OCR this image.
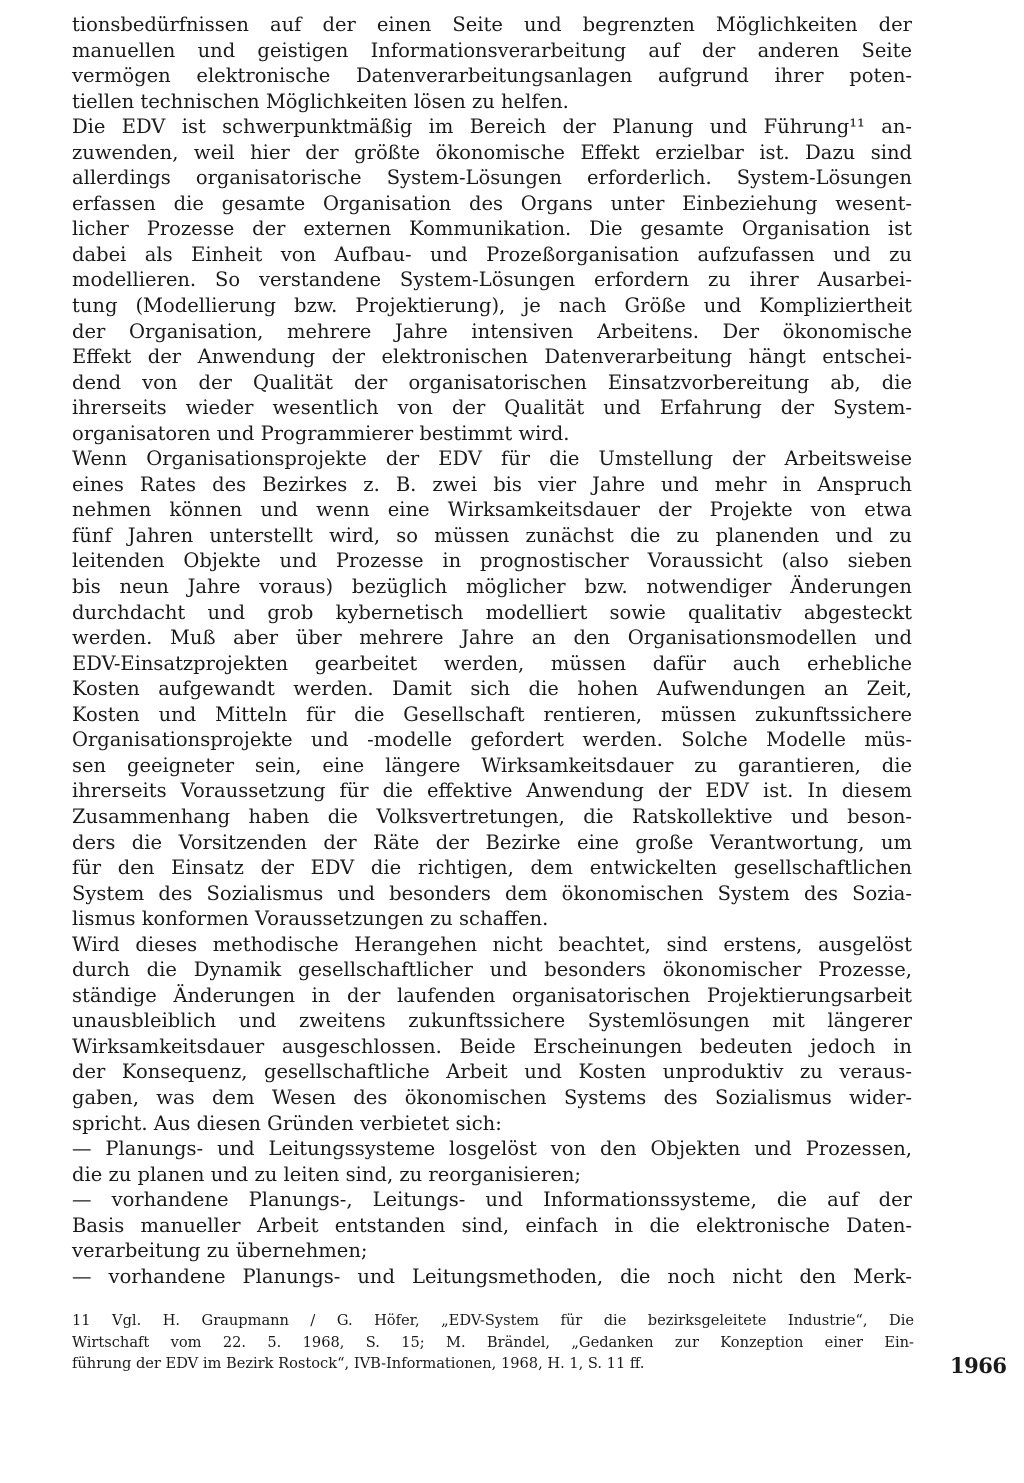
tionsbedürfnissen auf der einen Seite und begrenzten Möglichkeiten der
manuellen und geistigen Informationsverarbeitung auf der anderen Seite
vermögen elektronische Datenverarbeitungsanlagen aufgrund ihrer poten-
tiellen technischen Möglichkeiten lösen zu helfen.
Die EDV ist schwerpunktmäßig im Bereich der Planung und Führung¹¹ an-
zuwenden, weil hier der größte ökonomische Effekt erzielbar ist. Dazu sind
allerdings organisatorische System-Lösungen erforderlich. System-Lösungen
erfassen die gesamte Organisation des Organs unter Einbeziehung wesent-
licher Prozesse der externen Kommunikation. Die gesamte Organisation ist
dabei als Einheit von Aufbau- und Prozeßorganisation aufzufassen und zu
modellieren. So verstandene System-Lösungen erfordern zu ihrer Ausarbei-
tung (Modellierung bzw. Projektierung), je nach Größe und Kompliziertheit
der Organisation, mehrere Jahre intensiven Arbeitens. Der ökonomische
Effekt der Anwendung der elektronischen Datenverarbeitung hängt entschei-
dend von der Qualität der organisatorischen Einsatzvorbereitung ab, die
ihrerseits wieder wesentlich von der Qualität und Erfahrung der System-
organisatoren und Programmierer bestimmt wird.
Wenn Organisationsprojekte der EDV für die Umstellung der Arbeitsweise
eines Rates des Bezirkes z. B. zwei bis vier Jahre und mehr in Anspruch
nehmen können und wenn eine Wirksamkeitsdauer der Projekte von etwa
fünf Jahren unterstellt wird, so müssen zunächst die zu planenden und zu
leitenden Objekte und Prozesse in prognostischer Voraussicht (also sieben
bis neun Jahre voraus) bezüglich möglicher bzw. notwendiger Änderungen
durchdacht und grob kybernetisch modelliert sowie qualitativ abgesteckt
werden. Muß aber über mehrere Jahre an den Organisationsmodellen und
EDV-Einsatzprojekten gearbeitet werden, müssen dafür auch erhebliche
Kosten aufgewandt werden. Damit sich die hohen Aufwendungen an Zeit,
Kosten und Mitteln für die Gesellschaft rentieren, müssen zukunftssichere
Organisationsprojekte und -modelle gefordert werden. Solche Modelle müs-
sen geeigneter sein, eine längere Wirksamkeitsdauer zu garantieren, die
ihrerseits Voraussetzung für die effektive Anwendung der EDV ist. In diesem
Zusammenhang haben die Volksvertretungen, die Ratskollektive und beson-
ders die Vorsitzenden der Räte der Bezirke eine große Verantwortung, um
für den Einsatz der EDV die richtigen, dem entwickelten gesellschaftlichen
System des Sozialismus und besonders dem ökonomischen System des Sozia-
lismus konformen Voraussetzungen zu schaffen.
Wird dieses methodische Herangehen nicht beachtet, sind erstens, ausgelöst
durch die Dynamik gesellschaftlicher und besonders ökonomischer Prozesse,
ständige Änderungen in der laufenden organisatorischen Projektierungsarbeit
unausbleiblich und zweitens zukunftssichere Systemlösungen mit längerer
Wirksamkeitsdauer ausgeschlossen. Beide Erscheinungen bedeuten jedoch in
der Konsequenz, gesellschaftliche Arbeit und Kosten unproduktiv zu veraus-
gaben, was dem Wesen des ökonomischen Systems des Sozialismus wider-
spricht. Aus diesen Gründen verbietet sich:
— Planungs- und Leitungssysteme losgelöst von den Objekten und Prozessen,
die zu planen und zu leiten sind, zu reorganisieren;
— vorhandene Planungs-, Leitungs- und Informationssysteme, die auf der
Basis manueller Arbeit entstanden sind, einfach in die elektronische Daten-
verarbeitung zu übernehmen;
— vorhandene Planungs- und Leitungsmethoden, die noch nicht den Merk-
11 Vgl. H. Graupmann / G. Höfer, „EDV-System für die bezirksgeleitete Industrie“, Die
Wirtschaft vom 22. 5. 1968, S. 15; M. Brändel, „Gedanken zur Konzeption einer Ein-
führung der EDV im Bezirk Rostock“, IVB-Informationen, 1968, H. 1, S. 11 ff.	1966
